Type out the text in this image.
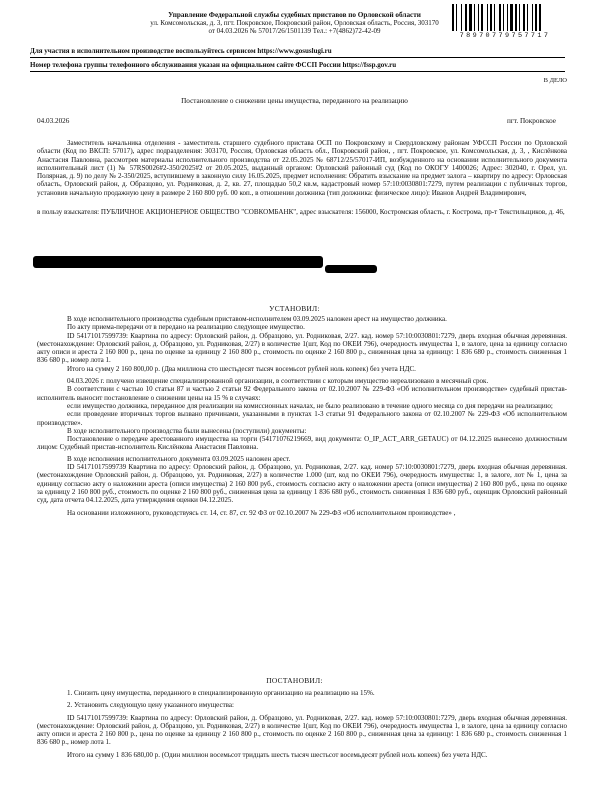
Управление Федеральной службы судебных приставов по Орловской области
ул. Комсомольская, д. 3, пгт. Покровское, Покровский район, Орловская область, Россия, 303170
от 04.03.2026 № 57017/26/1501139 Тел.: +7(4862)72-42-09
78970779757717
Для участия в исполнительном производстве воспользуйтесь сервисом https://www.gosuslugi.ru
Номер телефона группы телефонного обслуживания указан на официальном сайте ФССП России https://fssp.gov.ru
В ДЕЛО
Постановление о снижении цены имущества, переданного на реализацию
04.03.2026	пгт. Покровское

Заместитель начальника отделения - заместитель старшего судебного пристава ОСП по Покровскому и Свердловскому районам УФССП России по Орловской области (Код по ВКСП: 57017), адрес подразделения: 303170, Россия, Орловская область обл., Покровский район, , пгт. Покровское, ул. Комсомольская, д. 3, , Кислёнкова Анастасия Павловна, рассмотрев материалы исполнительного производства от 22.05.2025 № 68712/25/57017-ИП, возбужденного на основании исполнительного документа исполнительный лист (1) № 57RS0026#2-350/2025#2 от 20.05.2025, выданный органом: Орловский районный суд (Код по ОКОГУ 1400026; Адрес: 302040, г. Орел, ул. Полярная, д. 9) по делу № 2-350/2025, вступившему в законную силу 16.05.2025, предмет исполнения: Обратить взыскание на предмет залога – квартиру по адресу: Орловская область, Орловский район, д. Образцово, ул. Родниковая, д. 2, кв. 27, площадью 50,2 кв.м, кадастровый номер 57:10:0030801:7279, путем реализации с публичных торгов, установив начальную продажную цену в размере 2 160 800 руб. 00 коп., в отношении должника (тип должника: физическое лицо): Иванов Андрей Владимирович,

в пользу взыскателя: ПУБЛИЧНОЕ АКЦИОНЕРНОЕ ОБЩЕСТВО "СОВКОМБАНК", адрес взыскателя: 156000, Костромская область, г. Кострома, пр-т Текстильщиков, д. 46,

УСТАНОВИЛ:

В ходе исполнительного производства судебным приставом-исполнителем 03.09.2025 наложен арест на имущество должника.

По акту приема-передачи от в передано на реализацию следующее имущество.

ID 54171017599739: Квартина по адресу: Орловский район, д. Образцово, ул. Родниковая, 2/27. кад. номер 57:10:0030801:7279, дверь входная обычная деревянная. (местонахождение: Орловский район, д. Образцово, ул. Родниковая, 2/27) в количестве 1(шт, Код по ОКЕИ 796), очередность имущества 1, в залоге, цена за единицу согласно акту описи и ареста 2 160 800 р., цена по оценке за единицу 2 160 800 р., стоимость по оценке 2 160 800 р., сниженная цена за единицу: 1 836 680 р., стоимость сниженная 1 836 680 р., номер лота 1.

Итого на сумму 2 160 800,00 р. (Два миллиона сто шестьдесят тысяч восемьсот рублей ноль копеек) без учета НДС.

04.03.2026 г. получено извещение специализированной организации, в соответствии с которым имущество нереализовано в месячный срок.

В соответствии с частью 10 статьи 87 и частью 2 статьи 92 Федерального закона от 02.10.2007 № 229-ФЗ «Об исполнительном производстве» судебный пристав-исполнитель выносит постановление о снижении цены на 15 % в случаях:

если имущество должника, переданное для реализации на комиссионных началах, не было реализовано в течение одного месяца со дня передачи на реализацию;

если проведение вторичных торгов вызвано причинами, указанными в пунктах 1-3 статьи 91 Федерального закона от 02.10.2007 № 229-ФЗ «Об исполнительном производстве».

В ходе исполнительного производства были вынесены (поступили) документы:

Постановление о передаче арестованного имущества на торги (54171076219669, вид документа: O_IP_ACT_ARR_GETAUC) от 04.12.2025 вынесено должностным лицом: Судебный пристав-исполнитель Кислёнкова Анастасия Павловна.

В ходе исполнения исполнительного документа 03.09.2025 наложен арест.

ID 54171017599739 Квартина по адресу: Орловский район, д. Образцово, ул. Родниковая, 2/27. кад. номер 57:10:0030801:7279, дверь входная обычная деревянная. (местонахождение Орловский район, д. Образцово, ул. Родниковая, 2/27) в количестве 1.000 (шт, код по ОКЕИ 796), очередность имущества: 1, в залоге, лот № 1, цена за единицу согласно акту о наложении ареста (описи имущества) 2 160 800 руб., стоимость согласно акту о наложении ареста (описи имущества) 2 160 800 руб., цена по оценке за единицу 2 160 800 руб., стоимость по оценке 2 160 800 руб., сниженная цена за единицу 1 836 680 руб., стоимость сниженная 1 836 680 руб., оценщик Орловский районный суд, дата отчета 04.12.2025, дата утверждения оценки 04.12.2025.

На основании изложенного, руководствуясь ст. 14, ст. 87, ст. 92 ФЗ от 02.10.2007 № 229-ФЗ «Об исполнительном производстве» ,

ПОСТАНОВИЛ:

1. Снизить цену имущества, переданного в специализированную организацию на реализацию на 15%.

2. Установить следующую цену указанного имущества:

ID 54171017599739: Квартина по адресу: Орловский район, д. Образцово, ул. Родниковая, 2/27. кад. номер 57:10:0030801:7279, дверь входная обычная деревянная. (местонахождение: Орловский район, д. Образцово, ул. Родниковая, 2/27) в количестве 1(шт, Код по ОКЕИ 796), очередность имущества 1, в залоге, цена за единицу согласно акту описи и ареста 2 160 800 р., цена по оценке за единицу 2 160 800 р., стоимость по оценке 2 160 800 р., сниженная цена за единицу: 1 836 680 р., стоимость сниженная 1 836 680 р., номер лота 1.

Итого на сумму 1 836 680,00 р. (Один миллион восемьсот тридцать шесть тысяч шестьсот восемьдесят рублей ноль копеек) без учета НДС.
